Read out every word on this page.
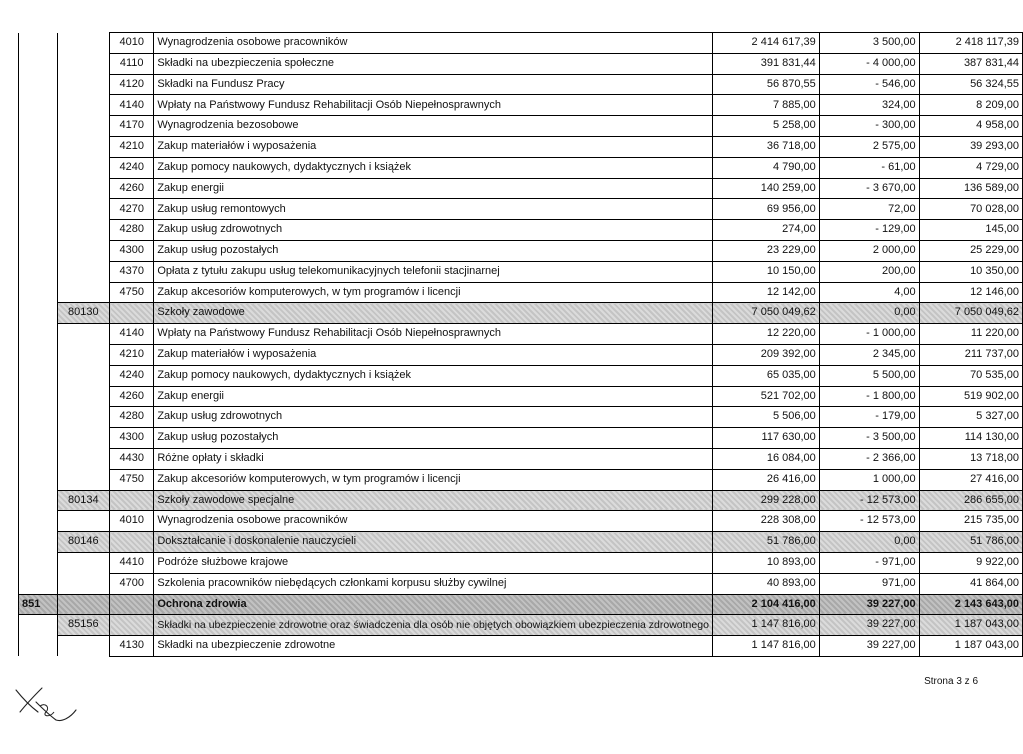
		4010	Wynagrodzenia osobowe pracowników	2 414 617,39	3 500,00	2 418 117,39
		4110	Składki na ubezpieczenia społeczne	391 831,44	- 4 000,00	387 831,44
		4120	Składki na Fundusz Pracy	56 870,55	- 546,00	56 324,55
		4140	Wpłaty na Państwowy Fundusz Rehabilitacji Osób Niepełnosprawnych	7 885,00	324,00	8 209,00
		4170	Wynagrodzenia bezosobowe	5 258,00	- 300,00	4 958,00
		4210	Zakup materiałów i wyposażenia	36 718,00	2 575,00	39 293,00
		4240	Zakup pomocy naukowych, dydaktycznych i książek	4 790,00	- 61,00	4 729,00
		4260	Zakup energii	140 259,00	- 3 670,00	136 589,00
		4270	Zakup usług remontowych	69 956,00	72,00	70 028,00
		4280	Zakup usług zdrowotnych	274,00	- 129,00	145,00
		4300	Zakup usług pozostałych	23 229,00	2 000,00	25 229,00
		4370	Opłata z tytułu zakupu usług telekomunikacyjnych telefonii stacjinarnej	10 150,00	200,00	10 350,00
		4750	Zakup akcesoriów komputerowych, w tym programów i licencji	12 142,00	4,00	12 146,00
	80130		Szkoły zawodowe	7 050 049,62	0,00	7 050 049,62
		4140	Wpłaty na Państwowy Fundusz Rehabilitacji Osób Niepełnosprawnych	12 220,00	- 1 000,00	11 220,00
		4210	Zakup materiałów i wyposażenia	209 392,00	2 345,00	211 737,00
		4240	Zakup pomocy naukowych, dydaktycznych i książek	65 035,00	5 500,00	70 535,00
		4260	Zakup energii	521 702,00	- 1 800,00	519 902,00
		4280	Zakup usług zdrowotnych	5 506,00	- 179,00	5 327,00
		4300	Zakup usług pozostałych	117 630,00	- 3 500,00	114 130,00
		4430	Różne opłaty i składki	16 084,00	- 2 366,00	13 718,00
		4750	Zakup akcesoriów komputerowych, w tym programów i licencji	26 416,00	1 000,00	27 416,00
	80134		Szkoły zawodowe specjalne	299 228,00	- 12 573,00	286 655,00
		4010	Wynagrodzenia osobowe pracowników	228 308,00	- 12 573,00	215 735,00
	80146		Dokształcanie i doskonalenie nauczycieli	51 786,00	0,00	51 786,00
		4410	Podróże służbowe krajowe	10 893,00	- 971,00	9 922,00
		4700	Szkolenia pracowników niebędących członkami korpusu służby cywilnej	40 893,00	971,00	41 864,00
851			Ochrona zdrowia	2 104 416,00	39 227,00	2 143 643,00
	85156		Składki na ubezpieczenie zdrowotne oraz świadczenia dla osób nie objętych obowiązkiem ubezpieczenia zdrowotnego	1 147 816,00	39 227,00	1 187 043,00
		4130	Składki na ubezpieczenie zdrowotne	1 147 816,00	39 227,00	1 187 043,00
Strona 3 z 6
